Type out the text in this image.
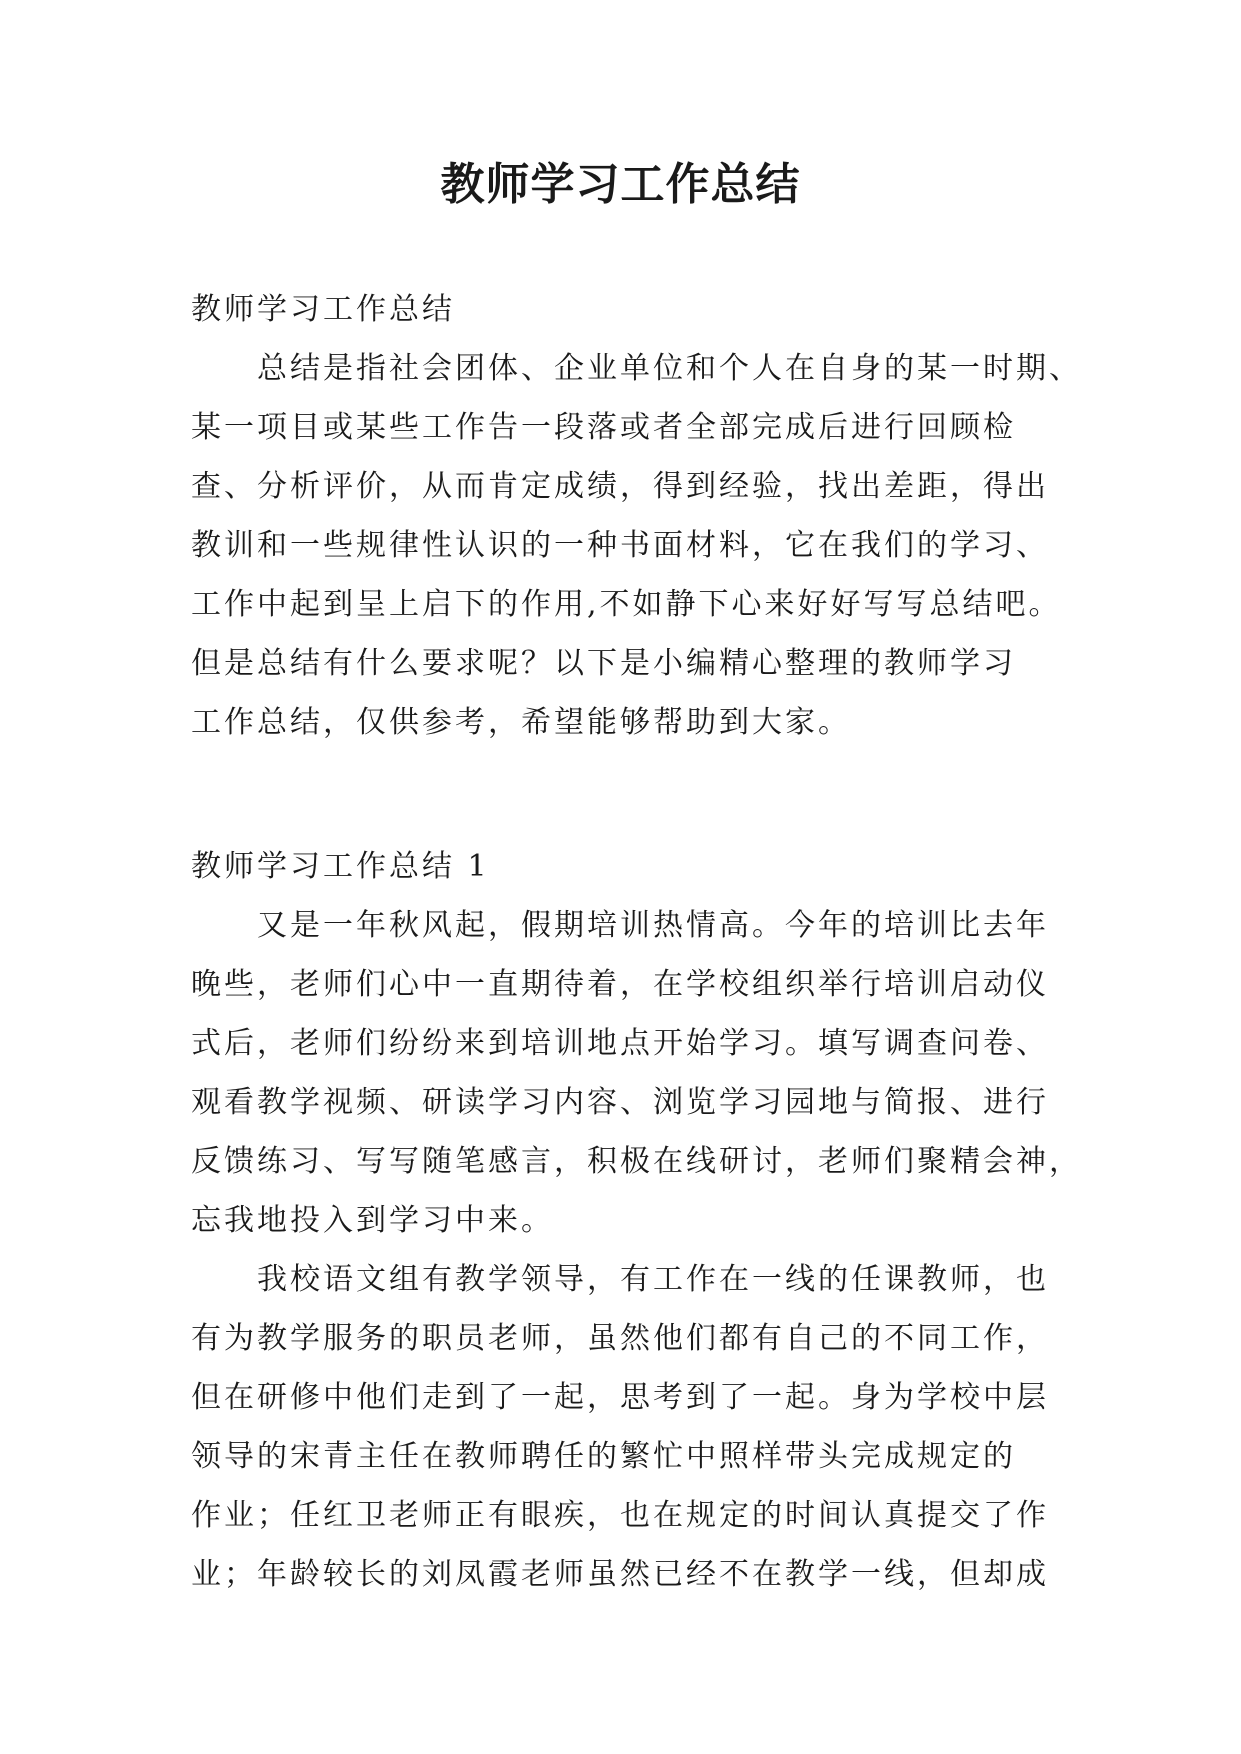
教师学习工作总结
教师学习工作总结
总结是指社会团体、企业单位和个人在自身的某一时期、
某一项目或某些工作告一段落或者全部完成后进行回顾检
查、分析评价，从而肯定成绩，得到经验，找出差距，得出
教训和一些规律性认识的一种书面材料，它在我们的学习、
工作中起到呈上启下的作用,不如静下心来好好写写总结吧。
但是总结有什么要求呢？以下是小编精心整理的教师学习
工作总结，仅供参考，希望能够帮助到大家。
教师学习工作总结 1
又是一年秋风起，假期培训热情高。今年的培训比去年
晚些，老师们心中一直期待着，在学校组织举行培训启动仪
式后，老师们纷纷来到培训地点开始学习。填写调查问卷、
观看教学视频、研读学习内容、浏览学习园地与简报、进行
反馈练习、写写随笔感言，积极在线研讨，老师们聚精会神，
忘我地投入到学习中来。
我校语文组有教学领导，有工作在一线的任课教师，也
有为教学服务的职员老师，虽然他们都有自己的不同工作，
但在研修中他们走到了一起，思考到了一起。身为学校中层
领导的宋青主任在教师聘任的繁忙中照样带头完成规定的
作业；任红卫老师正有眼疾，也在规定的时间认真提交了作
业；年龄较长的刘凤霞老师虽然已经不在教学一线，但却成
